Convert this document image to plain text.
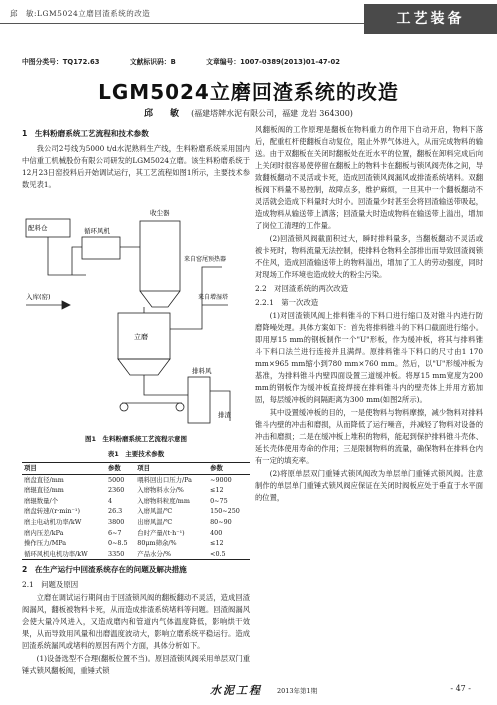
邱　敏:LGM5024立磨回渣系统的改造	工艺装备
中图分类号：TQ172.63	文献标识码：B	文章编号：1007-0389(2013)01-47-02
LGM5024立磨回渣系统的改造
邱　敏 (福建塔牌水泥有限公司，福建 龙岩 364300)
1　生料粉磨系统工艺流程和技术参数

我公司2号线为5000 t/d水泥熟料生产线，生料粉磨系统采用国内中信重工机械股份有限公司研发的LGM5024立磨。该生料粉磨系统于12月23日窑投料后开始调试运行，其工艺流程如图1所示，主要技术参数见表1。

配料仓	循环风机
收尘器
来自窑尾预热器
来自增湿塔
入库(窑)
立磨
排料风
排渣
图1　生料粉磨系统工艺流程示意图
表1　主要技术参数
项目	参数	项目	参数
磨盘直径/mm	5000	喂料回出口压力/Pa	~9000
磨辊直径/mm	2360	入磨物料水分/%	≤12
磨辊数量/个	4	入磨物料粒度/mm	0~75
磨盘转速/(r·min⁻¹)	26.3	入磨风温/℃	150~250
磨主电动机功率/kW	3800	出磨风温/℃	80~90
磨内压差/kPa	6~7	台时产量/(t·h⁻¹)	400
操作压力/MPa	0~8.5	80μm筛余/%	≤12
循环风机电机功率/kW	3350	产品水分/%	<0.5
2　在生产运行中回渣系统存在的问题及解决措施
2.1　问题及原因

立磨在调试运行期间由于回渣锁风阀的翻板翻动不灵活，造成回渣阀漏风，翻板被物料卡死，从而造成排渣系统堵料等问题。回渣阀漏风会使大量冷风进入，又造成磨内和管道内气体温度降低，影响烘干效果，从而导致用风量和出磨温度波动大，影响立磨系统平稳运行。造成回渣系统漏风或堵料的原因有两个方面，具体分析如下。

(1)设备选型不合理(翻板位置不当)。原回渣锁风阀采用单层双门重锤式锁风翻板阀，重锤式锁

风翻板阀的工作原理是翻板在物料重力的作用下自动开启，物料下落后，配重杠杆使翻板自动复位，阻止外界气体进入，从而完成物料的输送。由于双翻板在关闭时翻板处在近水平的位置，翻板在卸料完成后向上关闭时很容易使停留在翻板上的物料卡在翻板与锁风阀壳体之间，导致翻板翻动不灵活或卡死，造成回渣锁风阀漏风或排渣系统堵料。双翻板阀下料量不易控制，故障点多，维护麻烦，一旦其中一个翻板翻动不灵活就会造成下料量时大时小。回渣量少时甚至会将回渣输送带吸起，造成物料从输送带上洒落；回渣量大时造成物料在输送带上溢出，增加了岗位工清理的工作量。

(2)回渣锁风阀截面积过大，瞬时排料量多，当翻板翻动不灵活或被卡死时，物料流量无法控制，使排料仓物料全部排出而导致回渣阀锁不住风，造成回渣输送带上的物料溢出，增加了工人的劳动强度，同时对现场工作环境也造成较大的粉尘污染。

2.2　对回渣系统的两次改造
2.2.1　第一次改造

(1)对回渣锁风阀上排料锥斗的下料口进行缩口及对锥斗内进行防磨降噪处理。具体方案如下：首先将排料锥斗的下料口截面进行缩小。即用厚15 mm的钢板制作一个"U"形板，作为缓冲板，将其与排料锥斗下料口法兰进行连接并且满焊。原排料锥斗下料口的尺寸由1 170 mm×965 mm缩小到780 mm×760 mm。然后，以"U"形缓冲板为基准，为排料锥斗内壁四面设置三道缓冲板。将厚15 mm宽度为200 mm的钢板作为缓冲板直接焊接在排料锥斗内的壁壳体上并用方筋加固，每层缓冲板的间隔距离为300 mm(如图2所示)。

其中设置缓冲板的目的，一是使物料与物料摩擦，减少物料对排料锥斗内壁的冲击和磨损，从而降低了运行噪音，并减轻了物料对设备的冲击和磨损；二是在缓冲板上堆积的物料，能起到保护排料锥斗壳体、延长壳体使用寿命的作用；三是限制物料的流量，确保物料在排料仓内有一定的填充率。

(2)将原单层双门重锤式锁风阀改为单层单门重锤式锁风阀。注意制作的单层单门重锤式锁风阀应保证在关闭时阀板应处于垂直于水平面的位置，

水泥工程 2013年第1期	- 47 -
